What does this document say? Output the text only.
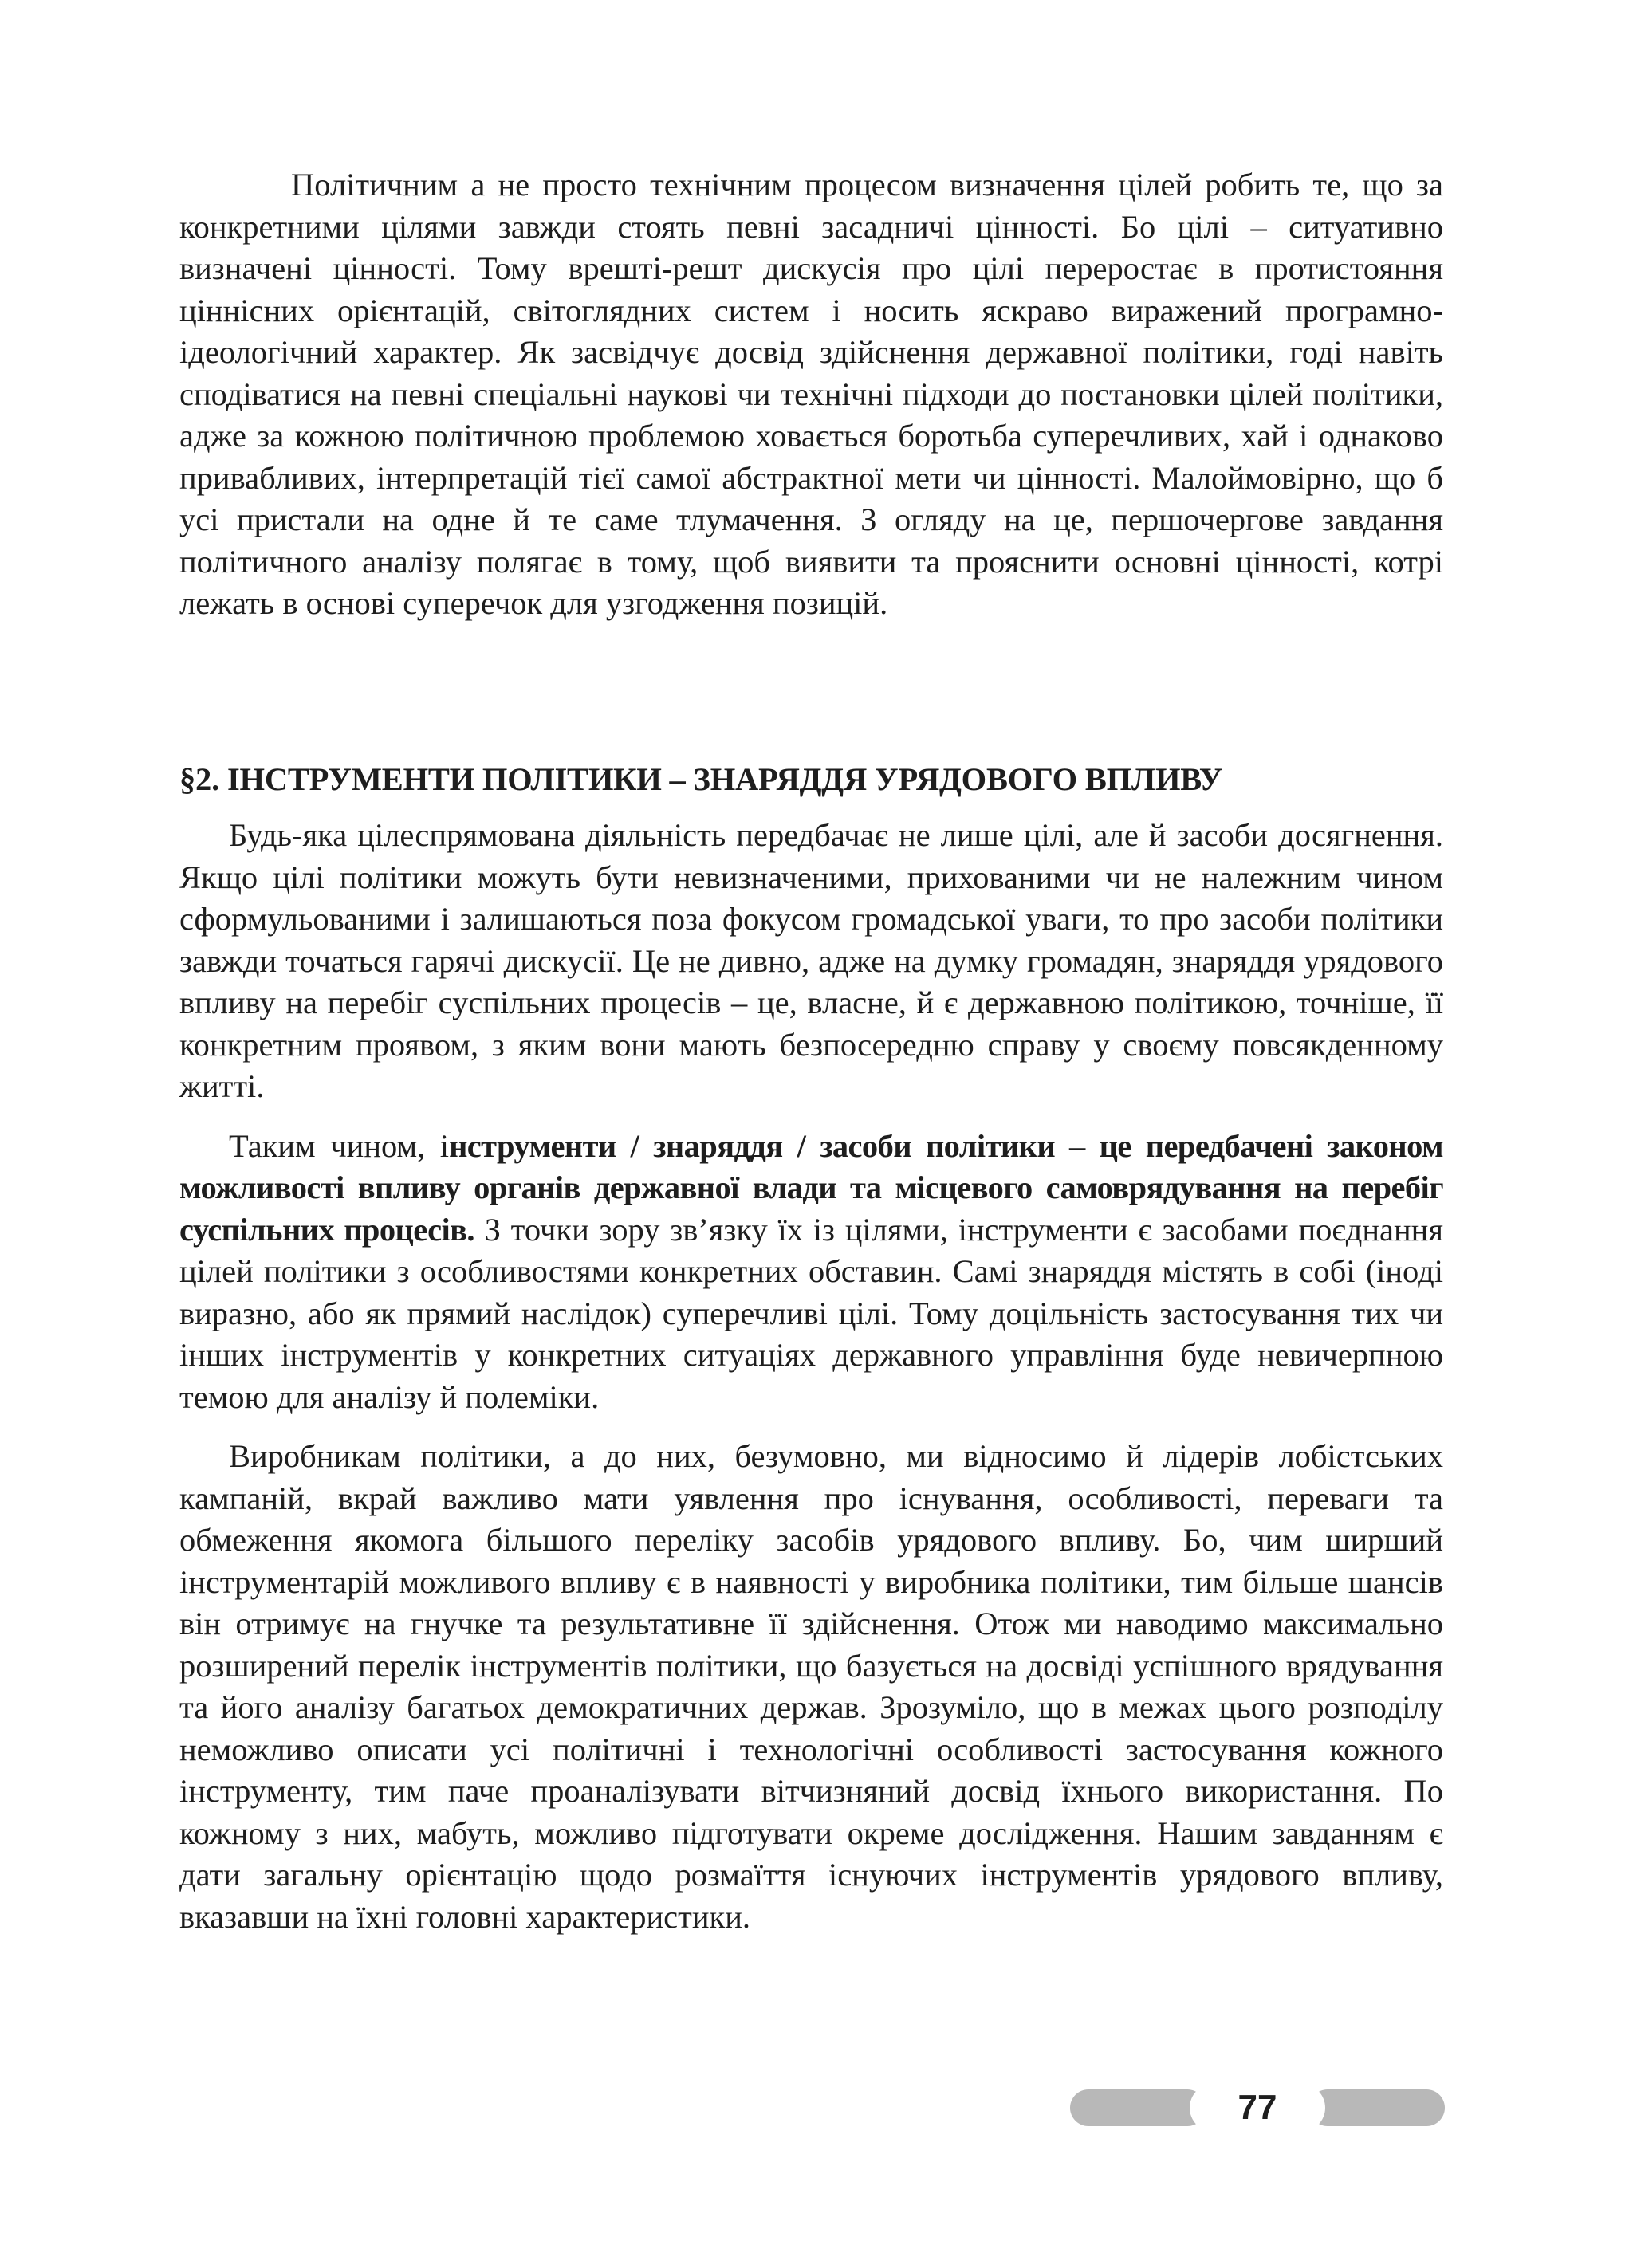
Політичним а не просто технічним процесом визначення цілей робить те, що за конкретними цілями завжди стоять певні засадничі цінності. Бо цілі – ситуативно визначені цінності. Тому врешті-решт дискусія про цілі переростає в протистояння ціннісних орієнтацій, світоглядних систем і носить яскраво виражений програмно-ідеологічний характер. Як засвідчує досвід здійснення державної політики, годі навіть сподіватися на певні спеціальні наукові чи технічні підходи до постановки цілей політики, адже за кожною політичною проблемою ховається боротьба суперечливих, хай і однаково привабливих, інтерпретацій тієї самої абстрактної мети чи цінності. Малоймовірно, що б усі пристали на одне й те саме тлумачення. З огляду на це, першочергове завдання політичного аналізу полягає в тому, щоб виявити та прояснити основні цінності, котрі лежать в основі суперечок для узгодження позицій.

§2. ІНСТРУМЕНТИ ПОЛІТИКИ – ЗНАРЯДДЯ УРЯДОВОГО ВПЛИВУ

Будь-яка цілеспрямована діяльність передбачає не лише цілі, але й засоби досягнення. Якщо цілі політики можуть бути невизначеними, прихованими чи не належним чином сформульованими і залишаються поза фокусом громадської уваги, то про засоби політики завжди точаться гарячі дискусії. Це не дивно, адже на думку громадян, знаряддя урядового впливу на перебіг суспільних процесів – це, власне, й є державною політикою, точніше, її конкретним проявом, з яким вони мають безпосередню справу у своєму повсякденному житті.

Таким чином, інструменти / знаряддя / засоби політики – це передбачені законом можливості впливу органів державної влади та місцевого самоврядування на перебіг суспільних процесів. З точки зору зв’язку їх із цілями, інструменти є засобами поєднання цілей політики з особливостями конкретних обставин. Самі знаряддя містять в собі (іноді виразно, або як прямий наслідок) суперечливі цілі. Тому доцільність застосування тих чи інших інструментів у конкретних ситуаціях державного управління буде невичерпною темою для аналізу й полеміки.

Виробникам політики, а до них, безумовно, ми відносимо й лідерів лобістських кампаній, вкрай важливо мати уявлення про існування, особливості, переваги та обмеження якомога більшого переліку засобів урядового впливу. Бо, чим ширший інструментарій можливого впливу є в наявності у виробника політики, тим більше шансів він отримує на гнучке та результативне її здійснення. Отож ми наводимо максимально розширений перелік інструментів політики, що базується на досвіді успішного врядування та його аналізу багатьох демократичних держав. Зрозуміло, що в межах цього розподілу неможливо описати усі політичні і технологічні особливості застосування кожного інструменту, тим паче проаналізувати вітчизняний досвід їхнього використання. По кожному з них, мабуть, можливо підготувати окреме дослідження. Нашим завданням є дати загальну орієнтацію щодо розмаїття існуючих інструментів урядового впливу, вказавши на їхні головні характеристики.

77
